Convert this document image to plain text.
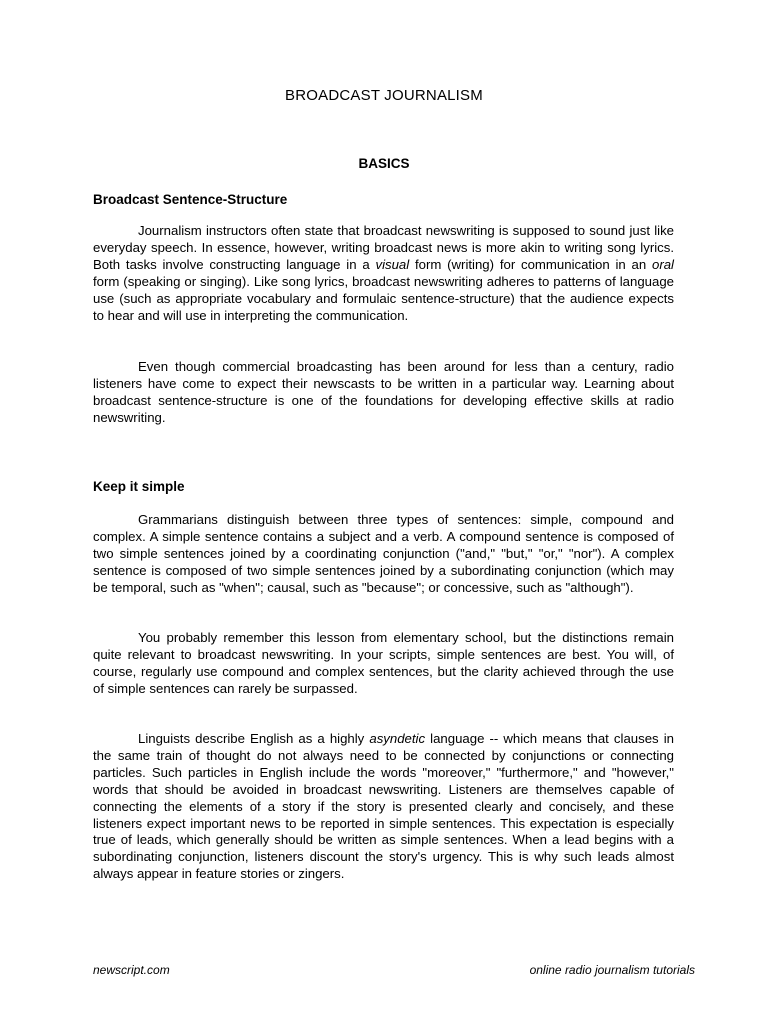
BROADCAST JOURNALISM
BASICS
Broadcast Sentence-Structure

Journalism instructors often state that broadcast newswriting is supposed to sound just like everyday speech. In essence, however, writing broadcast news is more akin to writing song lyrics. Both tasks involve constructing language in a visual form (writing) for communication in an oral form (speaking or singing). Like song lyrics, broadcast newswriting adheres to patterns of language use (such as appropriate vocabulary and formulaic sentence-structure) that the audience expects to hear and will use in interpreting the communication.

Even though commercial broadcasting has been around for less than a century, radio listeners have come to expect their newscasts to be written in a particular way. Learning about broadcast sentence-structure is one of the foundations for developing effective skills at radio newswriting.

Keep it simple

Grammarians distinguish between three types of sentences: simple, compound and complex. A simple sentence contains a subject and a verb. A compound sentence is composed of two simple sentences joined by a coordinating conjunction ("and," "but," "or," "nor"). A complex sentence is composed of two simple sentences joined by a subordinating conjunction (which may be temporal, such as "when"; causal, such as "because"; or concessive, such as "although").

You probably remember this lesson from elementary school, but the distinctions remain quite relevant to broadcast newswriting. In your scripts, simple sentences are best. You will, of course, regularly use compound and complex sentences, but the clarity achieved through the use of simple sentences can rarely be surpassed.

Linguists describe English as a highly asyndetic language -- which means that clauses in the same train of thought do not always need to be connected by conjunctions or connecting particles. Such particles in English include the words "moreover," "furthermore," and "however," words that should be avoided in broadcast newswriting. Listeners are themselves capable of connecting the elements of a story if the story is presented clearly and concisely, and these listeners expect important news to be reported in simple sentences. This expectation is especially true of leads, which generally should be written as simple sentences. When a lead begins with a subordinating conjunction, listeners discount the story's urgency. This is why such leads almost always appear in feature stories or zingers.

newscript.com	online radio journalism tutorials
